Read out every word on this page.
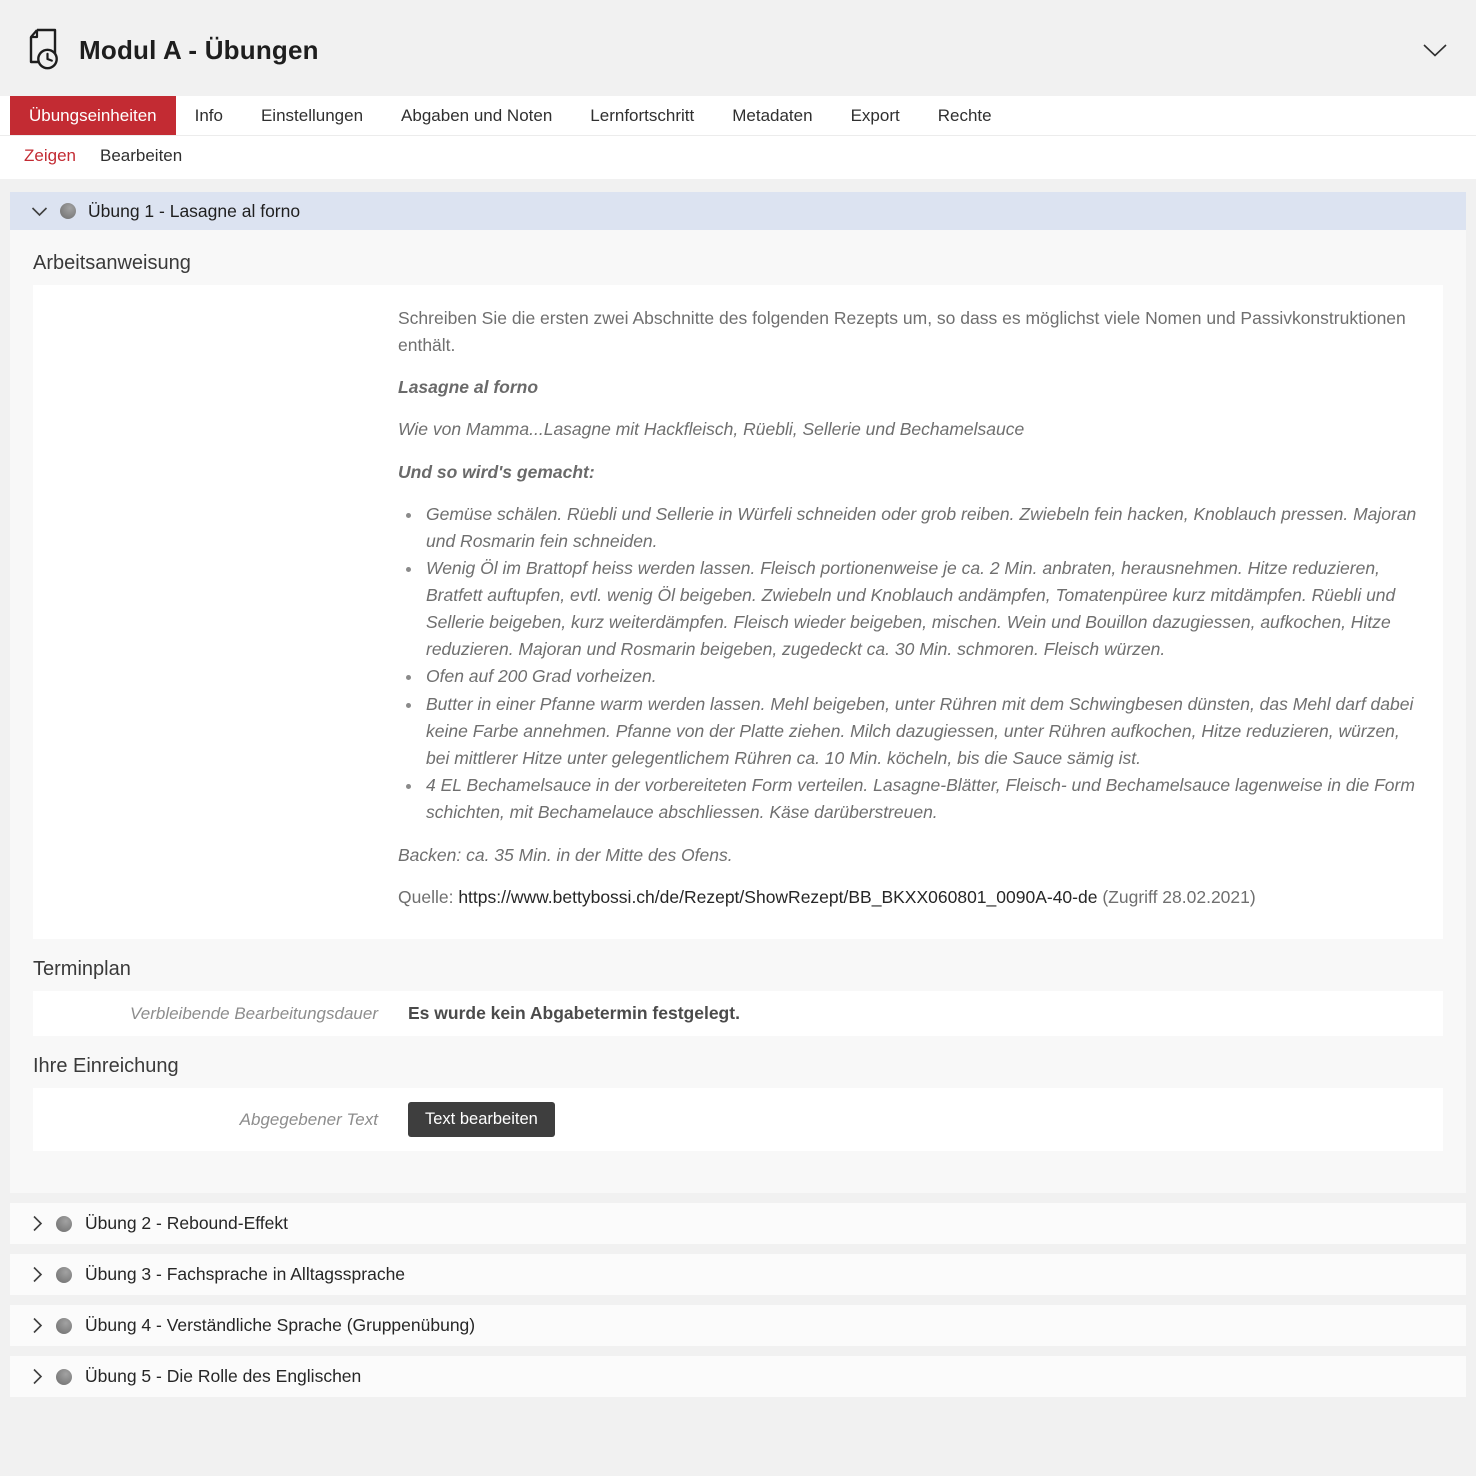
Modul A - Übungen
Übungseinheiten	Info	Einstellungen	Abgaben und Noten	Lernfortschritt	Metadaten	Export	Rechte
Zeigen Bearbeiten
Übung 1 - Lasagne al forno
Arbeitsanweisung

Schreiben Sie die ersten zwei Abschnitte des folgenden Rezepts um, so dass es möglichst viele Nomen und Passivkonstruktionen enthält.

Lasagne al forno

Wie von Mamma...Lasagne mit Hackfleisch, Rüebli, Sellerie und Bechamelsauce

Und so wird's gemacht:

• Gemüse schälen. Rüebli und Sellerie in Würfeli schneiden oder grob reiben. Zwiebeln fein hacken, Knoblauch pressen. Majoran und Rosmarin fein schneiden.
• Wenig Öl im Brattopf heiss werden lassen. Fleisch portionenweise je ca. 2 Min. anbraten, herausnehmen. Hitze reduzieren, Bratfett auftupfen, evtl. wenig Öl beigeben. Zwiebeln und Knoblauch andämpfen, Tomatenpüree kurz mitdämpfen. Rüebli und Sellerie beigeben, kurz weiterdämpfen. Fleisch wieder beigeben, mischen. Wein und Bouillon dazugiessen, aufkochen, Hitze reduzieren. Majoran und Rosmarin beigeben, zugedeckt ca. 30 Min. schmoren. Fleisch würzen.
• Ofen auf 200 Grad vorheizen.
• Butter in einer Pfanne warm werden lassen. Mehl beigeben, unter Rühren mit dem Schwingbesen dünsten, das Mehl darf dabei keine Farbe annehmen. Pfanne von der Platte ziehen. Milch dazugiessen, unter Rühren aufkochen, Hitze reduzieren, würzen, bei mittlerer Hitze unter gelegentlichem Rühren ca. 10 Min. köcheln, bis die Sauce sämig ist.
• 4 EL Bechamelsauce in der vorbereiteten Form verteilen. Lasagne-Blätter, Fleisch- und Bechamelsauce lagenweise in die Form schichten, mit Bechamelauce abschliessen. Käse darüberstreuen.

Backen: ca. 35 Min. in der Mitte des Ofens.

Quelle: https://www.bettybossi.ch/de/Rezept/ShowRezept/BB_BKXX060801_0090A-40-de (Zugriff 28.02.2021)

Terminplan
Verbleibende Bearbeitungsdauer Es wurde kein Abgabetermin festgelegt.
Ihre Einreichung
Abgegebener Text	Text bearbeiten
Übung 2 - Rebound-Effekt
Übung 3 - Fachsprache in Alltagssprache
Übung 4 - Verständliche Sprache (Gruppenübung)
Übung 5 - Die Rolle des Englischen
